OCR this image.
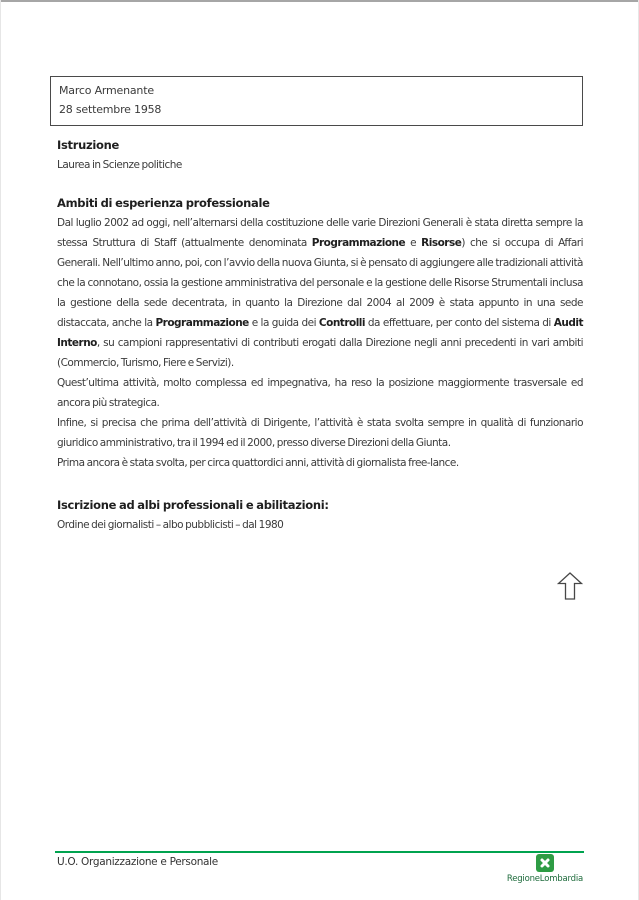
Marco Armenante
28 settembre 1958
Istruzione

Laurea in Scienze politiche

Ambiti di esperienza professionale

Dal luglio 2002 ad oggi, nell’alternarsi della costituzione delle varie Direzioni Generali è stata diretta sempre la stessa Struttura di Staff (attualmente denominata Programmazione e Risorse) che si occupa di Affari Generali. Nell’ultimo anno, poi, con l’avvio della nuova Giunta, si è pensato di aggiungere alle tradizionali attività che la connotano, ossia la gestione amministrativa del personale e la gestione delle Risorse Strumentali inclusa la gestione della sede decentrata, in quanto la Direzione dal 2004 al 2009 è stata appunto in una sede distaccata, anche la Programmazione e la guida dei Controlli da effettuare, per conto del sistema di Audit Interno, su campioni rappresentativi di contributi erogati dalla Direzione negli anni precedenti in vari ambiti (Commercio, Turismo, Fiere e Servizi).

Quest’ultima attività, molto complessa ed impegnativa, ha reso la posizione maggiormente trasversale ed ancora più strategica.

Infine, si precisa che prima dell’attività di Dirigente, l’attività è stata svolta sempre in qualità di funzionario giuridico amministrativo, tra il 1994 ed il 2000, presso diverse Direzioni della Giunta.

Prima ancora è stata svolta, per circa quattordici anni, attività di giornalista free-lance.

Iscrizione ad albi professionali e abilitazioni:

Ordine dei giornalisti – albo pubblicisti – dal 1980

U.O. Organizzazione e Personale
RegioneLombardia
